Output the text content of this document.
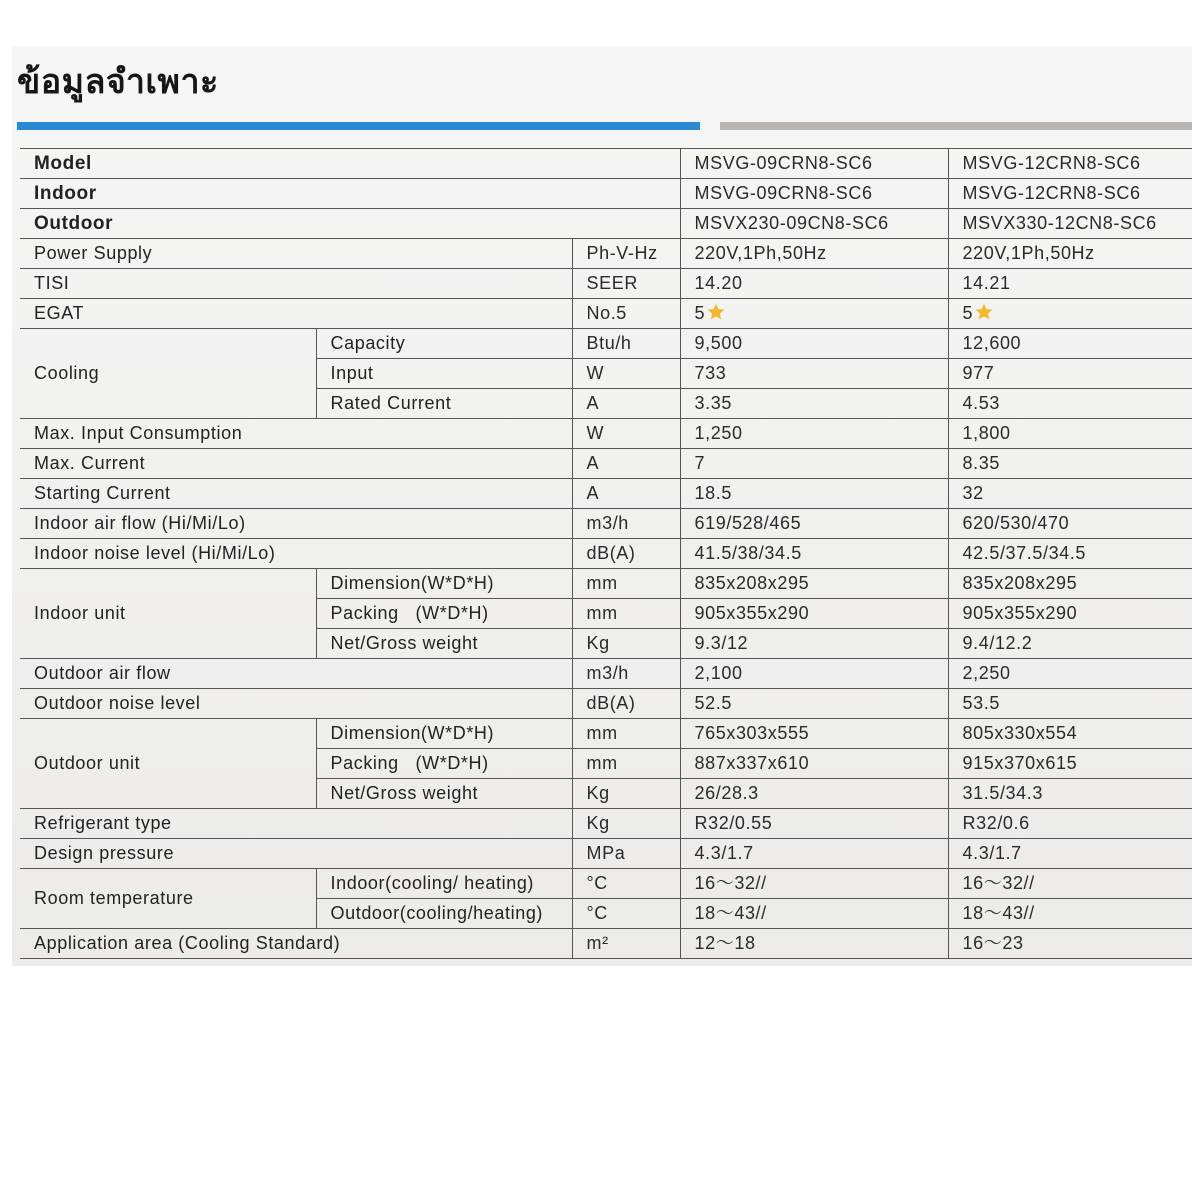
ข้อมูลจำเพาะ
Model			MSVG-09CRN8-SC6	MSVG-12CRN8-SC6
Indoor			MSVG-09CRN8-SC6	MSVG-12CRN8-SC6
Outdoor			MSVX230-09CN8-SC6	MSVX330-12CN8-SC6
Power Supply		Ph-V-Hz	220V,1Ph,50Hz	220V,1Ph,50Hz
TISI		SEER	14.20	14.21
EGAT		No.5	5	5
Cooling	Capacity	Btu/h	9,500	12,600
	Input	W	733	977
	Rated Current	A	3.35	4.53
Max. Input Consumption		W	1,250	1,800
Max. Current		A	7	8.35
Starting Current		A	18.5	32
Indoor air flow (Hi/Mi/Lo)		m3/h	619/528/465	620/530/470
Indoor noise level (Hi/Mi/Lo)		dB(A)	41.5/38/34.5	42.5/37.5/34.5
Indoor unit	Dimension(W*D*H)	mm	835x208x295	835x208x295
	Packing   (W*D*H)	mm	905x355x290	905x355x290
	Net/Gross weight	Kg	9.3/12	9.4/12.2
Outdoor air flow		m3/h	2,100	2,250
Outdoor noise level		dB(A)	52.5	53.5
Outdoor unit	Dimension(W*D*H)	mm	765x303x555	805x330x554
	Packing   (W*D*H)	mm	887x337x610	915x370x615
	Net/Gross weight	Kg	26/28.3	31.5/34.3
Refrigerant type		Kg	R32/0.55	R32/0.6
Design pressure		MPa	4.3/1.7	4.3/1.7
Room temperature	Indoor(cooling/ heating)	°C	16～32//	16～32//
	Outdoor(cooling/heating)	°C	18～43//	18～43//
Application area (Cooling Standard)		m²	12～18	16～23
